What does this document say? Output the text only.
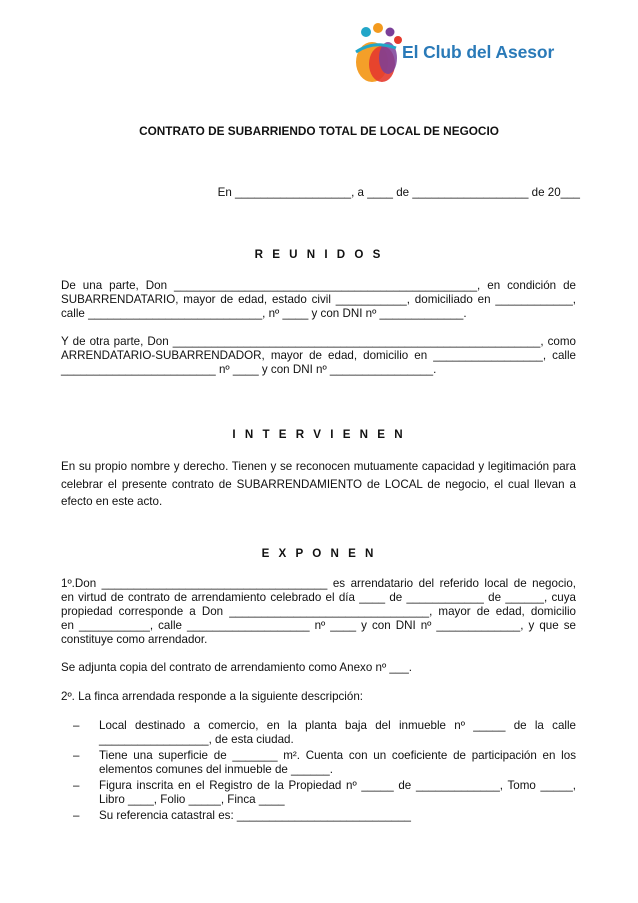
El Club del Asesor
CONTRATO DE SUBARRIENDO TOTAL DE LOCAL DE NEGOCIO
En __________________, a ____ de __________________ de 20___
R E U N I D O S
De una parte, Don _______________________________________________, en condición de
SUBARRENDATARIO, mayor de edad, estado civil ___________, domiciliado en ____________,
calle ___________________________, nº ____ y con DNI nº _____________.
Y de otra parte, Don _________________________________________________________, como
ARRENDATARIO-SUBARRENDADOR, mayor de edad, domicilio en _________________, calle
________________________ nº ____ y con DNI nº ________________.
I N T E R V I E N E N
En su propio nombre y derecho. Tienen y se reconocen mutuamente capacidad y legitimación para celebrar el presente contrato de SUBARRENDAMIENTO de LOCAL de negocio, el cual llevan a efecto en este acto.
E X P O N E N
1º.Don ___________________________________ es arrendatario del referido local de negocio,
en virtud de contrato de arrendamiento celebrado el día ____ de ____________ de ______, cuya
propiedad corresponde a Don _______________________________, mayor de edad, domicilio
en ___________, calle ___________________ nº ____ y con DNI nº _____________, y que se
constituye como arrendador.
Se adjunta copia del contrato de arrendamiento como Anexo nº ___.
2º. La finca arrendada responde a la siguiente descripción:
– Local destinado a comercio, en la planta baja del inmueble nº _____ de la calle _________________, de esta ciudad.
– Tiene una superficie de _______ m². Cuenta con un coeficiente de participación en los elementos comunes del inmueble de ______.
– Figura inscrita en el Registro de la Propiedad nº _____ de _____________, Tomo _____, Libro ____, Folio _____, Finca ____
– Su referencia catastral es: ___________________________
